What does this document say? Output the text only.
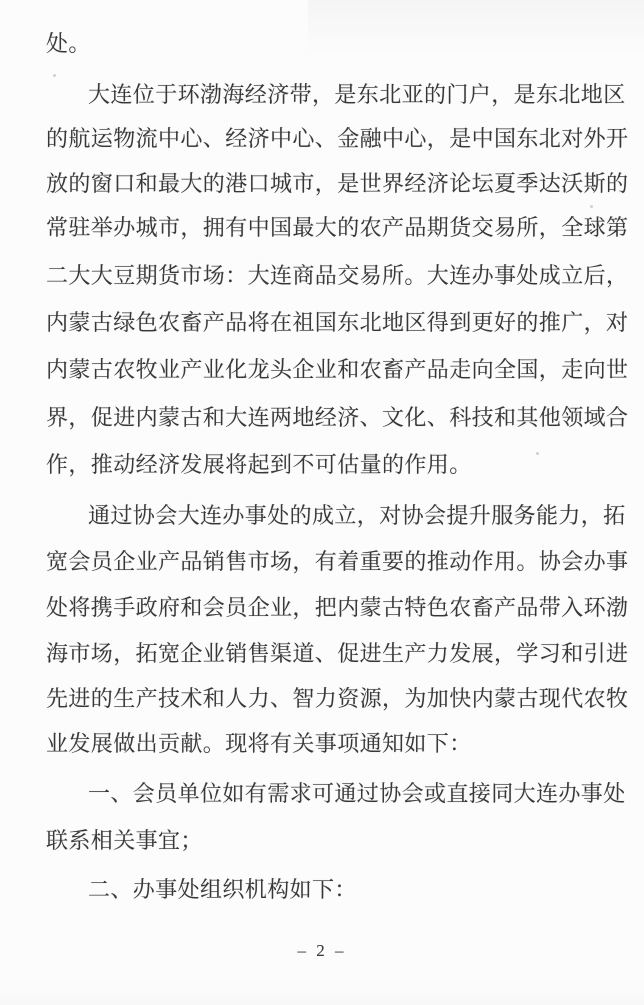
处。
大连位于环渤海经济带，是东北亚的门户，是东北地区
的航运物流中心、经济中心、金融中心，是中国东北对外开
放的窗口和最大的港口城市，是世界经济论坛夏季达沃斯的
常驻举办城市，拥有中国最大的农产品期货交易所，全球第
二大大豆期货市场：大连商品交易所。大连办事处成立后，
内蒙古绿色农畜产品将在祖国东北地区得到更好的推广，对
内蒙古农牧业产业化龙头企业和农畜产品走向全国，走向世
界，促进内蒙古和大连两地经济、文化、科技和其他领域合
作，推动经济发展将起到不可估量的作用。
通过协会大连办事处的成立，对协会提升服务能力，拓
宽会员企业产品销售市场，有着重要的推动作用。协会办事
处将携手政府和会员企业，把内蒙古特色农畜产品带入环渤
海市场，拓宽企业销售渠道、促进生产力发展，学习和引进
先进的生产技术和人力、智力资源，为加快内蒙古现代农牧
业发展做出贡献。现将有关事项通知如下：
一、会员单位如有需求可通过协会或直接同大连办事处
联系相关事宜；
二、办事处组织机构如下：
– 2 –
